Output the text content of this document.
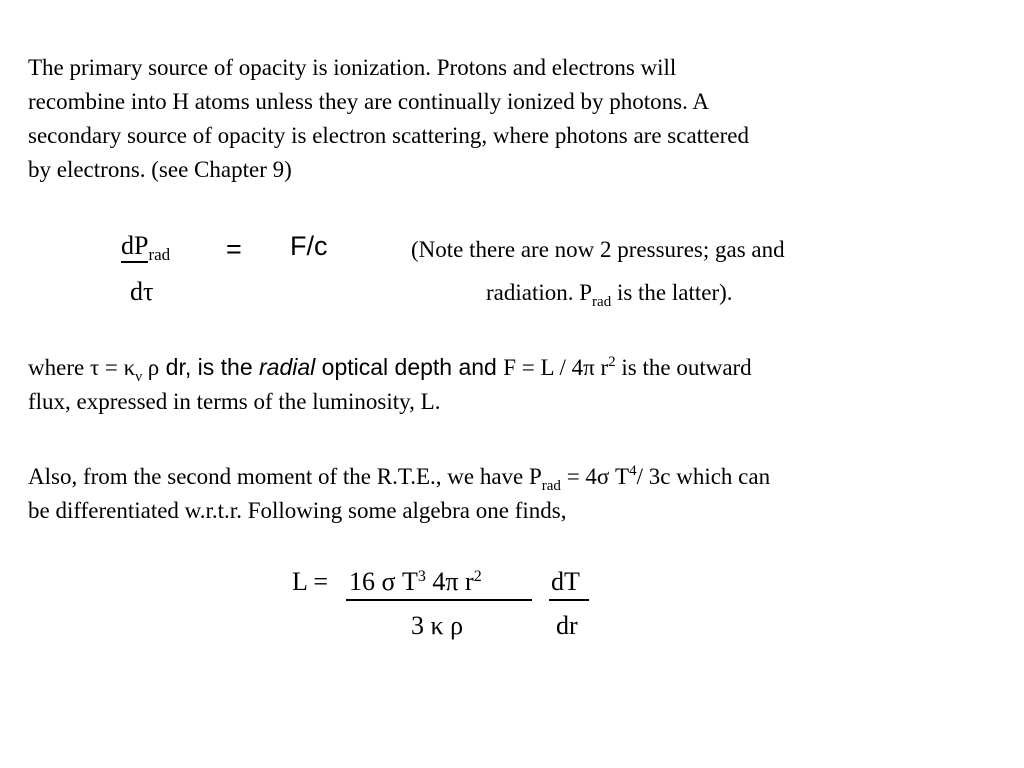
The primary source of opacity is ionization. Protons and electrons will
recombine into H atoms unless they are continually ionized by photons. A
secondary source of opacity is electron scattering, where photons are scattered
by electrons. (see Chapter 9)
$dP_{rad}$
dτ
= F/c	(Note there are now 2 pressures; gas and
radiation. $P_{rad}$ is the latter).
where $\tau = \kappa_\nu$ ρ dr, is the radial optical depth and F = L / 4π $r^2$ is the outward
flux, expressed in terms of the luminosity, L.
Also, from the second moment of the R.T.E., we have $P_{rad} = 4\sigma$ $T^4/$ 3c which can
be differentiated w.r.t.r. Following some algebra one finds,
L = 16 σ $T^3$ 4π $r^2$
3 κ ρ
dT
dr
